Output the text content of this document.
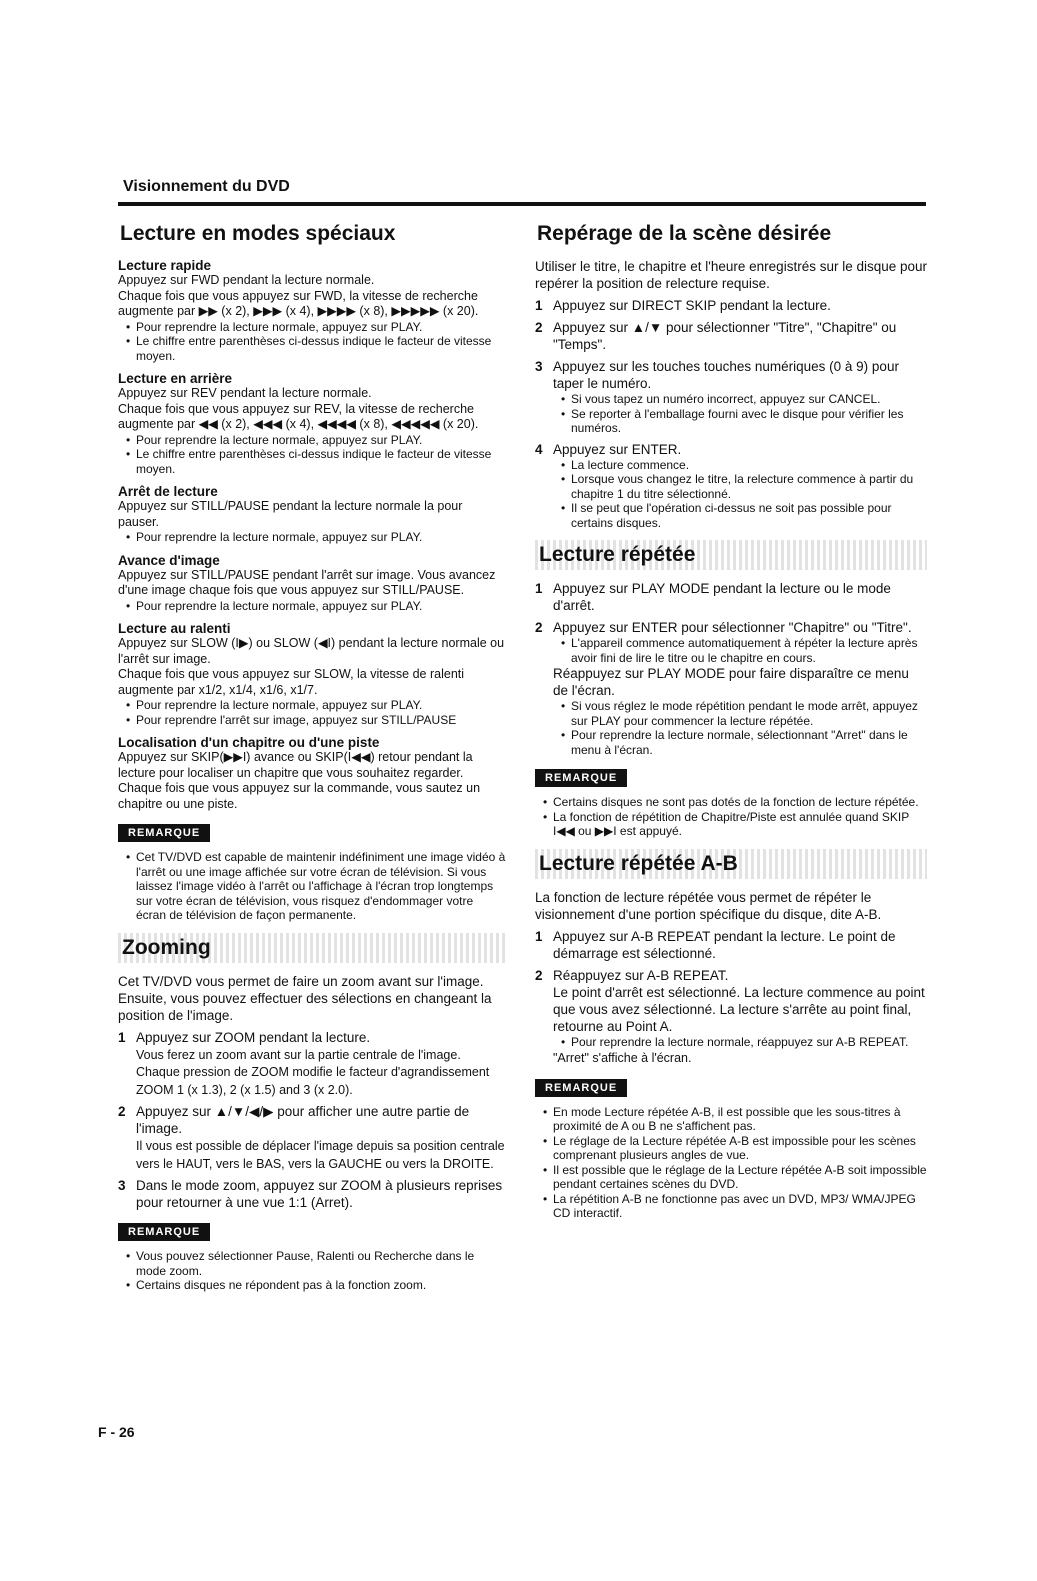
Visionnement du DVD
Lecture en modes spéciaux
Lecture rapide

Appuyez sur FWD pendant la lecture normale.

Chaque fois que vous appuyez sur FWD, la vitesse de recherche augmente par ▶▶ (x 2), ▶▶▶ (x 4), ▶▶▶▶ (x 8), ▶▶▶▶▶ (x 20).

• Pour reprendre la lecture normale, appuyez sur PLAY.
• Le chiffre entre parenthèses ci-dessus indique le facteur de vitesse moyen.
Lecture en arrière

Appuyez sur REV pendant la lecture normale.

Chaque fois que vous appuyez sur REV, la vitesse de recherche augmente par ◀◀ (x 2), ◀◀◀ (x 4), ◀◀◀◀ (x 8), ◀◀◀◀◀ (x 20).

• Pour reprendre la lecture normale, appuyez sur PLAY.
• Le chiffre entre parenthèses ci-dessus indique le facteur de vitesse moyen.
Arrêt de lecture

Appuyez sur STILL/PAUSE pendant la lecture normale la pour pauser.

• Pour reprendre la lecture normale, appuyez sur PLAY.
Avance d'image

Appuyez sur STILL/PAUSE pendant l'arrêt sur image. Vous avancez d'une image chaque fois que vous appuyez sur STILL/PAUSE.

• Pour reprendre la lecture normale, appuyez sur PLAY.
Lecture au ralenti

Appuyez sur SLOW (I▶) ou SLOW (◀I) pendant la lecture normale ou l'arrêt sur image.

Chaque fois que vous appuyez sur SLOW, la vitesse de ralenti augmente par x1/2, x1/4, x1/6, x1/7.

• Pour reprendre la lecture normale, appuyez sur PLAY.
• Pour reprendre l'arrêt sur image, appuyez sur STILL/PAUSE
Localisation d'un chapitre ou d'une piste

Appuyez sur SKIP(▶▶I) avance ou SKIP(I◀◀) retour pendant la lecture pour localiser un chapitre que vous souhaitez regarder.

Chaque fois que vous appuyez sur la commande, vous sautez un chapitre ou une piste.

REMARQUE
• Cet TV/DVD est capable de maintenir indéfiniment une image vidéo à l'arrêt ou une image affichée sur votre écran de télévision. Si vous laissez l'image vidéo à l'arrêt ou l'affichage à l'écran trop longtemps sur votre écran de télévision, vous risquez d'endommager votre écran de télévision de façon permanente.
Zooming

Cet TV/DVD vous permet de faire un zoom avant sur l'image. Ensuite, vous pouvez effectuer des sélections en changeant la position de l'image.

1 Appuyez sur ZOOM pendant la lecture.
Vous ferez un zoom avant sur la partie centrale de l'image. Chaque pression de ZOOM modifie le facteur d'agrandissement ZOOM 1 (x 1.3), 2 (x 1.5) and 3 (x 2.0).
2 Appuyez sur ▲/▼/◀/▶ pour afficher une autre partie de l'image.
Il vous est possible de déplacer l'image depuis sa position centrale vers le HAUT, vers le BAS, vers la GAUCHE ou vers la DROITE.
3 Dans le mode zoom, appuyez sur ZOOM à plusieurs reprises pour retourner à une vue 1:1 (Arret).
REMARQUE
• Vous pouvez sélectionner Pause, Ralenti ou Recherche dans le mode zoom.
• Certains disques ne répondent pas à la fonction zoom.
Repérage de la scène désirée

Utiliser le titre, le chapitre et l'heure enregistrés sur le disque pour repérer la position de relecture requise.

1 Appuyez sur DIRECT SKIP pendant la lecture.
2 Appuyez sur ▲/▼ pour sélectionner "Titre", "Chapitre" ou "Temps".
3 Appuyez sur les touches touches numériques (0 à 9) pour taper le numéro.
• Si vous tapez un numéro incorrect, appuyez sur CANCEL.
• Se reporter à l'emballage fourni avec le disque pour vérifier les numéros.
4 Appuyez sur ENTER.
• La lecture commence.
• Lorsque vous changez le titre, la relecture commence à partir du chapitre 1 du titre sélectionné.
• Il se peut que l'opération ci-dessus ne soit pas possible pour certains disques.
Lecture répétée
1 Appuyez sur PLAY MODE pendant la lecture ou le mode d'arrêt.
2 Appuyez sur ENTER pour sélectionner "Chapitre" ou "Titre".
• L'appareil commence automatiquement à répéter la lecture après avoir fini de lire le titre ou le chapitre en cours.
Réappuyez sur PLAY MODE pour faire disparaître ce menu de l'écran.
• Si vous réglez le mode répétition pendant le mode arrêt, appuyez sur PLAY pour commencer la lecture répétée.
• Pour reprendre la lecture normale, sélectionnant "Arret" dans le menu à l'écran.
REMARQUE
• Certains disques ne sont pas dotés de la fonction de lecture répétée.
• La fonction de répétition de Chapitre/Piste est annulée quand SKIP I◀◀ ou ▶▶I est appuyé.
Lecture répétée A-B

La fonction de lecture répétée vous permet de répéter le visionnement d'une portion spécifique du disque, dite A-B.

1 Appuyez sur A-B REPEAT pendant la lecture. Le point de démarrage est sélectionné.
2 Réappuyez sur A-B REPEAT.
Le point d'arrêt est sélectionné. La lecture commence au point que vous avez sélectionné. La lecture s'arrête au point final, retourne au Point A.
• Pour reprendre la lecture normale, réappuyez sur A-B REPEAT.
"Arret" s'affiche à l'écran.
REMARQUE
• En mode Lecture répétée A-B, il est possible que les sous-titres à proximité de A ou B ne s'affichent pas.
• Le réglage de la Lecture répétée A-B est impossible pour les scènes comprenant plusieurs angles de vue.
• Il est possible que le réglage de la Lecture répétée A-B soit impossible pendant certaines scènes du DVD.
• La répétition A-B ne fonctionne pas avec un DVD, MP3/ WMA/JPEG CD interactif.
F - 26
